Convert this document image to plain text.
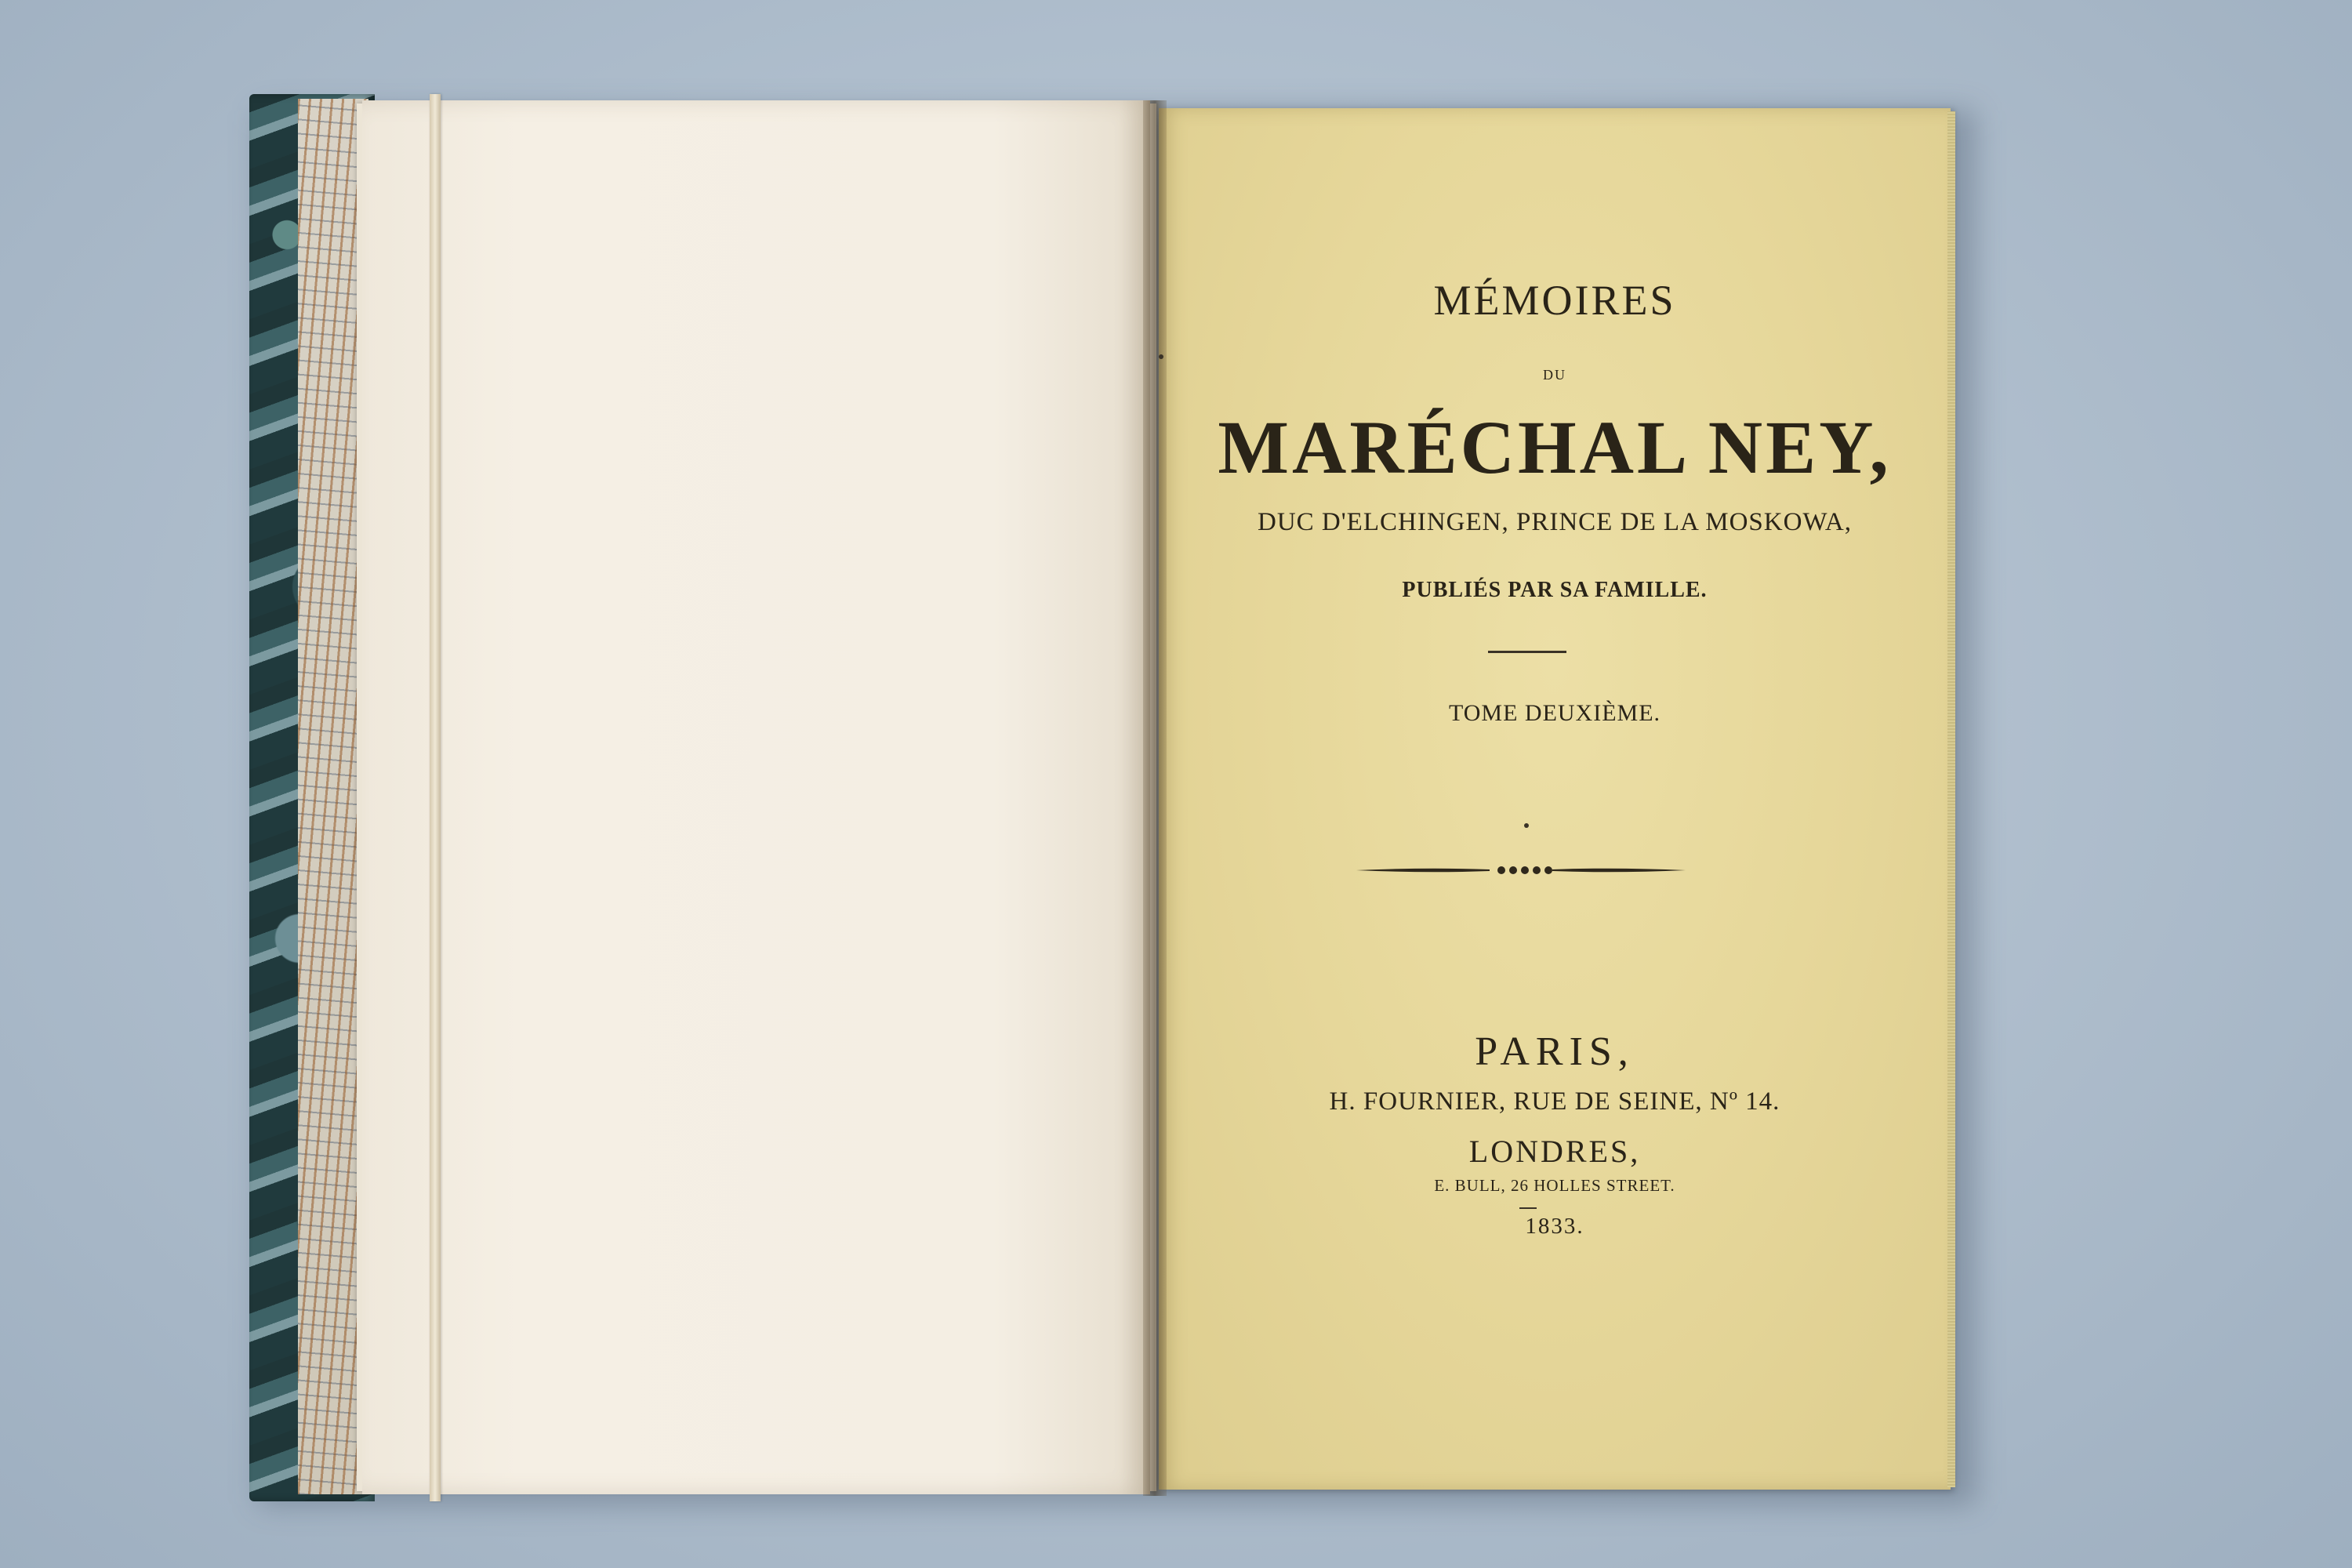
MÉMOIRES

DU

MARÉCHAL NEY,

DUC D'ELCHINGEN, PRINCE DE LA MOSKOWA,

PUBLIÉS PAR SA FAMILLE.

TOME DEUXIÈME.

PARIS,

H. FOURNIER, RUE DE SEINE, Nº 14.

LONDRES,

E. BULL, 26 HOLLES STREET.

1833.
